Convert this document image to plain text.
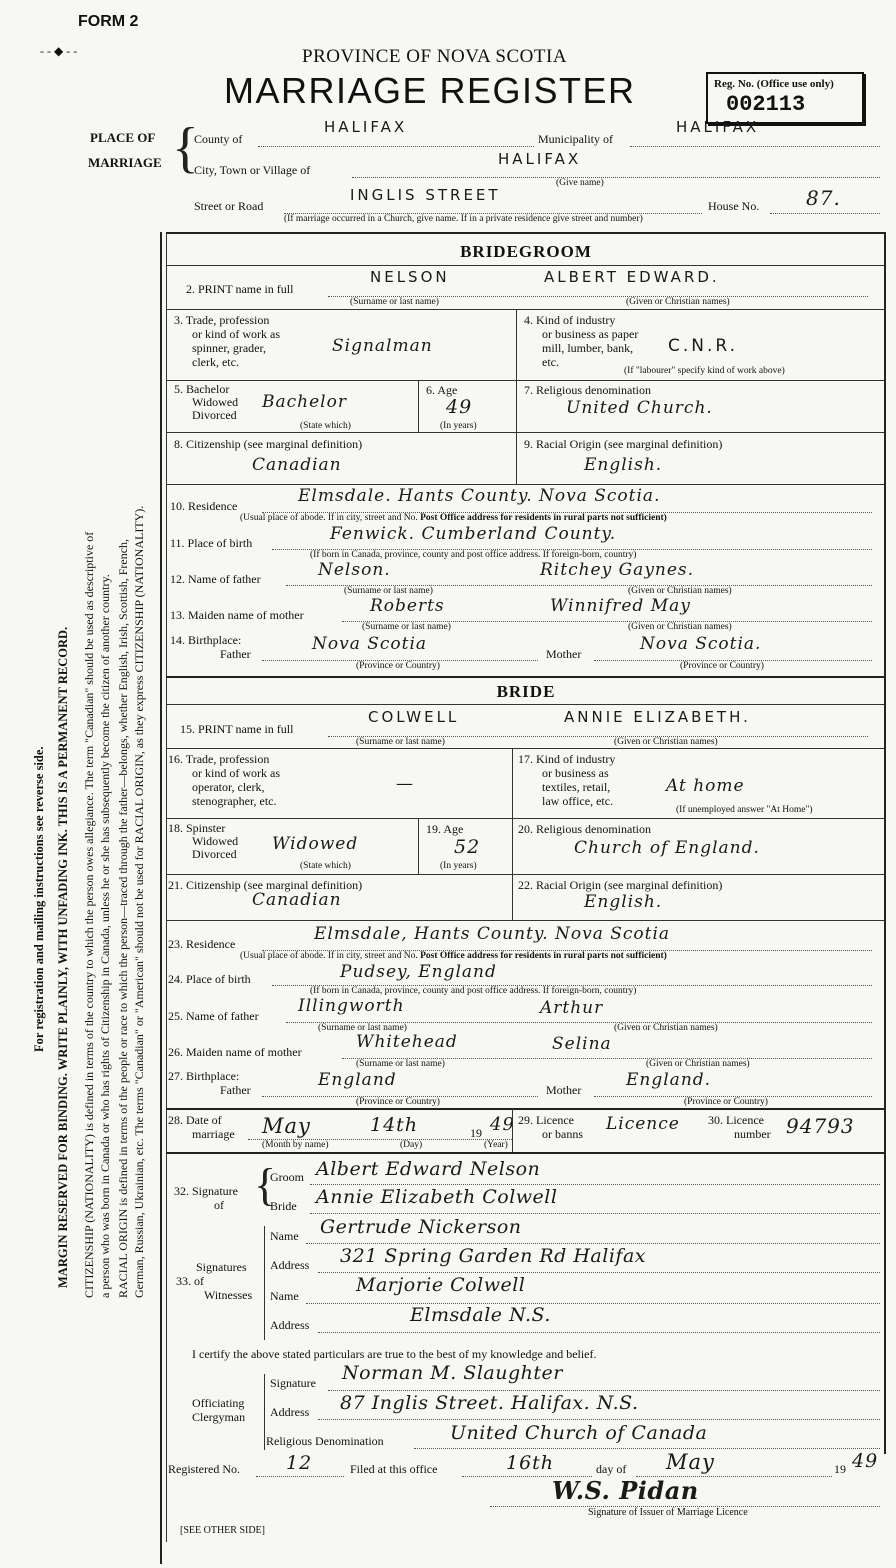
FORM 2
- - ◆ - -	PROVINCE OF NOVA SCOTIA
MARRIAGE REGISTER	Reg. No. (Office use only)
002113
PLACE OF
MARRIAGE {
County of
HALIFAX
Municipality of
HALIFAX
City, Town or Village of
HALIFAX
(Give name)
Street or Road
INGLIS STREET
House No. 87.
(If marriage occurred in a Church, give name. If in a private residence give street and number)
BRIDEGROOM
2. PRINT name in full
NELSON	ALBERT EDWARD.
(Surname or last name)	(Given or Christian names)
3. Trade, profession
or kind of work as
spinner, grader,
clerk, etc.
Signalman
4. Kind of industry
or business as paper
mill, lumber, bank,
etc.
C.N.R.
(If "labourer" specify kind of work above)
5. Bachelor
Widowed
Divorced
Bachelor
(State which)
6. Age
49
(In years)
7. Religious denomination
United Church.
8. Citizenship (see marginal definition)
Canadian
9. Racial Origin (see marginal definition)
English.
10. Residence	Elmsdale. Hants County. Nova Scotia.
(Usual place of abode. If in city, street and No. Post Office address for residents in rural parts not sufficient)
11. Place of birth	Fenwick. Cumberland County.
(If born in Canada, province, county and post office address. If foreign-born, country)
12. Name of father	Nelson.	Ritchey Gaynes.
(Surname or last name)	(Given or Christian names)
13. Maiden name of mother	Roberts	Winnifred May
(Surname or last name)	(Given or Christian names)
14. Birthplace:
Father	Nova Scotia
(Province or Country)
Mother	Nova Scotia.
(Province or Country)
BRIDE
15. PRINT name in full
COLWELL	ANNIE ELIZABETH.
(Surname or last name)	(Given or Christian names)
16. Trade, profession
or kind of work as
operator, clerk,
stenographer, etc.
—
17. Kind of industry
or business as
textiles, retail,
law office, etc.
At home
(If unemployed answer "At Home")
18. Spinster
Widowed
Divorced Widowed
(State which)
19. Age
52
(In years)
20. Religious denomination
Church of England.
21. Citizenship (see marginal definition)
Canadian
22. Racial Origin (see marginal definition)
English.
23. Residence	Elmsdale, Hants County. Nova Scotia
(Usual place of abode. If in city, street and No. Post Office address for residents in rural parts not sufficient)
24. Place of birth	Pudsey, England
(If born in Canada, province, county and post office address. If foreign-born, country)
25. Name of father Illingworth	Arthur
(Surname or last name)	(Given or Christian names)
26. Maiden name of mother	Whitehead	Selina
(Surname or last name)	(Given or Christian names)
27. Birthplace:
Father	England
(Province or Country)
Mother	England.
(Province or Country)
28. Date of
marriage May	14th	19 49
(Month by name)	(Day)	(Year)
29. Licence
or banns Licence 30. Licence
number 94793
32. Signature
of {
Groom Albert Edward Nelson
Bride Annie Elizabeth Colwell
Signatures
33. of
Witnesses
Name Gertrude Nickerson
Address 321 Spring Garden Rd Halifax
Name	Marjorie Colwell
Address	Elmsdale N.S.
I certify the above stated particulars are true to the best of my knowledge and belief.
Officiating
Clergyman
Signature Norman M. Slaughter
Address 87 Inglis Street. Halifax. N.S.
Religious Denomination	United Church of Canada
Registered No. 12	Filed at this office	16th	day of May	19 49
W.S. Pidan
Signature of Issuer of Marriage Licence
[SEE OTHER SIDE]
For registration and mailing instructions see reverse side. MARGIN RESERVED FOR BINDING. WRITE PLAINLY, WITH UNFADING INK. THIS IS A PERMANENT RECORD. CITIZENSHIP (NATIONALITY) is defined in terms of the country to which the person owes allegiance. The term "Canadian" should be used as descriptive of a person who was born in Canada or who has rights of Citizenship in Canada, unless he or she has subsequently become the citizen of another country. RACIAL ORIGIN is defined in terms of the people or race to which the person—traced through the father—belongs, whether English, Irish, Scottish, French, German, Russian, Ukrainian, etc. The terms "Canadian" or "American" should not be used for RACIAL ORIGIN, as they express CITIZENSHIP (NATIONALITY).
